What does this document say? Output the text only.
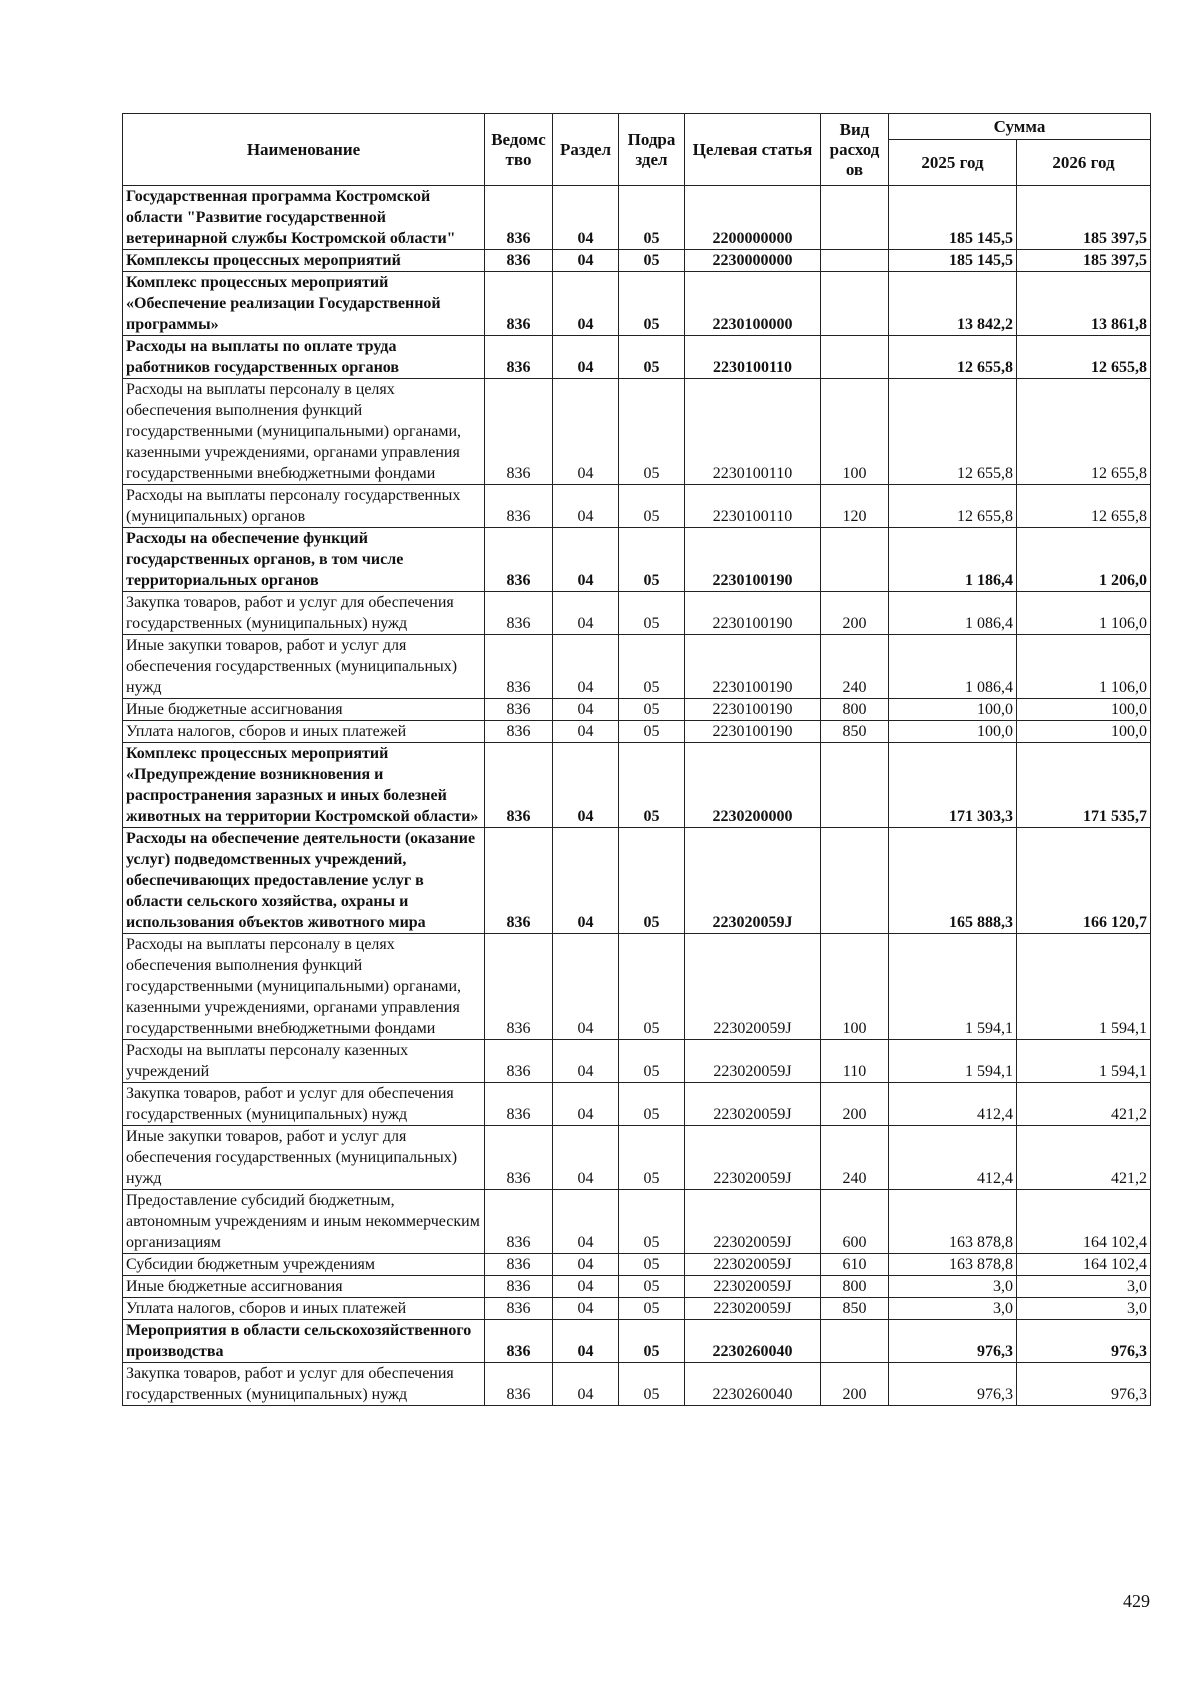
Наименование	Ведомс тво	Раздел	Подра здел	Целевая статья	Вид расход ов	Сумма	
						2025 год	2026 год
Государственная программа Костромской области "Развитие государственной ветеринарной службы Костромской области"	836	04	05	2200000000		185 145,5	185 397,5
Комплексы процессных мероприятий	836	04	05	2230000000		185 145,5	185 397,5
Комплекс процессных мероприятий «Обеспечение реализации Государственной программы»	836	04	05	2230100000		13 842,2	13 861,8
Расходы на выплаты по оплате труда работников государственных органов	836	04	05	2230100110		12 655,8	12 655,8
Расходы на выплаты персоналу в целях обеспечения выполнения функций государственными (муниципальными) органами, казенными учреждениями, органами управления государственными внебюджетными фондами	836	04	05	2230100110	100	12 655,8	12 655,8
Расходы на выплаты персоналу государственных (муниципальных) органов	836	04	05	2230100110	120	12 655,8	12 655,8
Расходы на обеспечение функций государственных органов, в том числе территориальных органов	836	04	05	2230100190		1 186,4	1 206,0
Закупка товаров, работ и услуг для обеспечения государственных (муниципальных) нужд	836	04	05	2230100190	200	1 086,4	1 106,0
Иные закупки товаров, работ и услуг для обеспечения государственных (муниципальных) нужд	836	04	05	2230100190	240	1 086,4	1 106,0
Иные бюджетные ассигнования	836	04	05	2230100190	800	100,0	100,0
Уплата налогов, сборов и иных платежей	836	04	05	2230100190	850	100,0	100,0
Комплекс процессных мероприятий «Предупреждение возникновения и распространения заразных и иных болезней животных на территории Костромской области»	836	04	05	2230200000		171 303,3	171 535,7
Расходы на обеспечение деятельности (оказание услуг) подведомственных учреждений, обеспечивающих предоставление услуг в области сельского хозяйства, охраны и использования объектов животного мира	836	04	05	223020059J		165 888,3	166 120,7
Расходы на выплаты персоналу в целях обеспечения выполнения функций государственными (муниципальными) органами, казенными учреждениями, органами управления государственными внебюджетными фондами	836	04	05	223020059J	100	1 594,1	1 594,1
Расходы на выплаты персоналу казенных учреждений	836	04	05	223020059J	110	1 594,1	1 594,1
Закупка товаров, работ и услуг для обеспечения государственных (муниципальных) нужд	836	04	05	223020059J	200	412,4	421,2
Иные закупки товаров, работ и услуг для обеспечения государственных (муниципальных) нужд	836	04	05	223020059J	240	412,4	421,2
Предоставление субсидий бюджетным, автономным учреждениям и иным некоммерческим организациям	836	04	05	223020059J	600	163 878,8	164 102,4
Субсидии бюджетным учреждениям	836	04	05	223020059J	610	163 878,8	164 102,4
Иные бюджетные ассигнования	836	04	05	223020059J	800	3,0	3,0
Уплата налогов, сборов и иных платежей	836	04	05	223020059J	850	3,0	3,0
Мероприятия в области сельскохозяйственного производства	836	04	05	2230260040		976,3	976,3
Закупка товаров, работ и услуг для обеспечения государственных (муниципальных) нужд	836	04	05	2230260040	200	976,3	976,3
429
